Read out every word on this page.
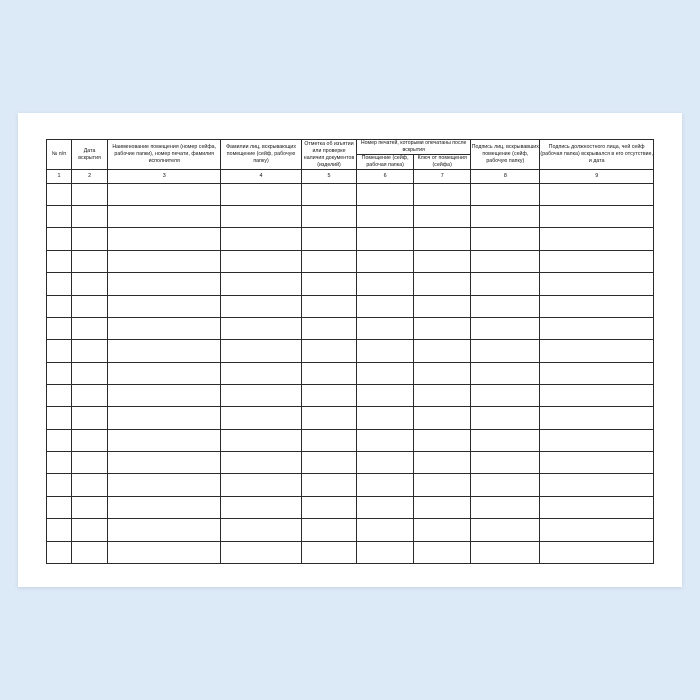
№ п/п	Дата вскрытия	Наименование помещения (номер сейфа, рабочие папки), номер печати, фамилия исполнителя	Фамилии лиц, вскрывающих помещение (сейф, рабочую папку)	Отметка об изъятии или проверке наличия документов (изделий)	Номер печатей, которыми опечатаны после вскрытия		Подпись лиц, вскрывавших помещение (сейф, рабочую папку)	Подпись должностного лица, чей сейф (рабочая папка) вскрывался в его отсутствие, и дата
					Помещение (сейф, рабочая папка)	Ключ от помещения (сейфа)		
1	2	3	4	5	6	7	8	9
